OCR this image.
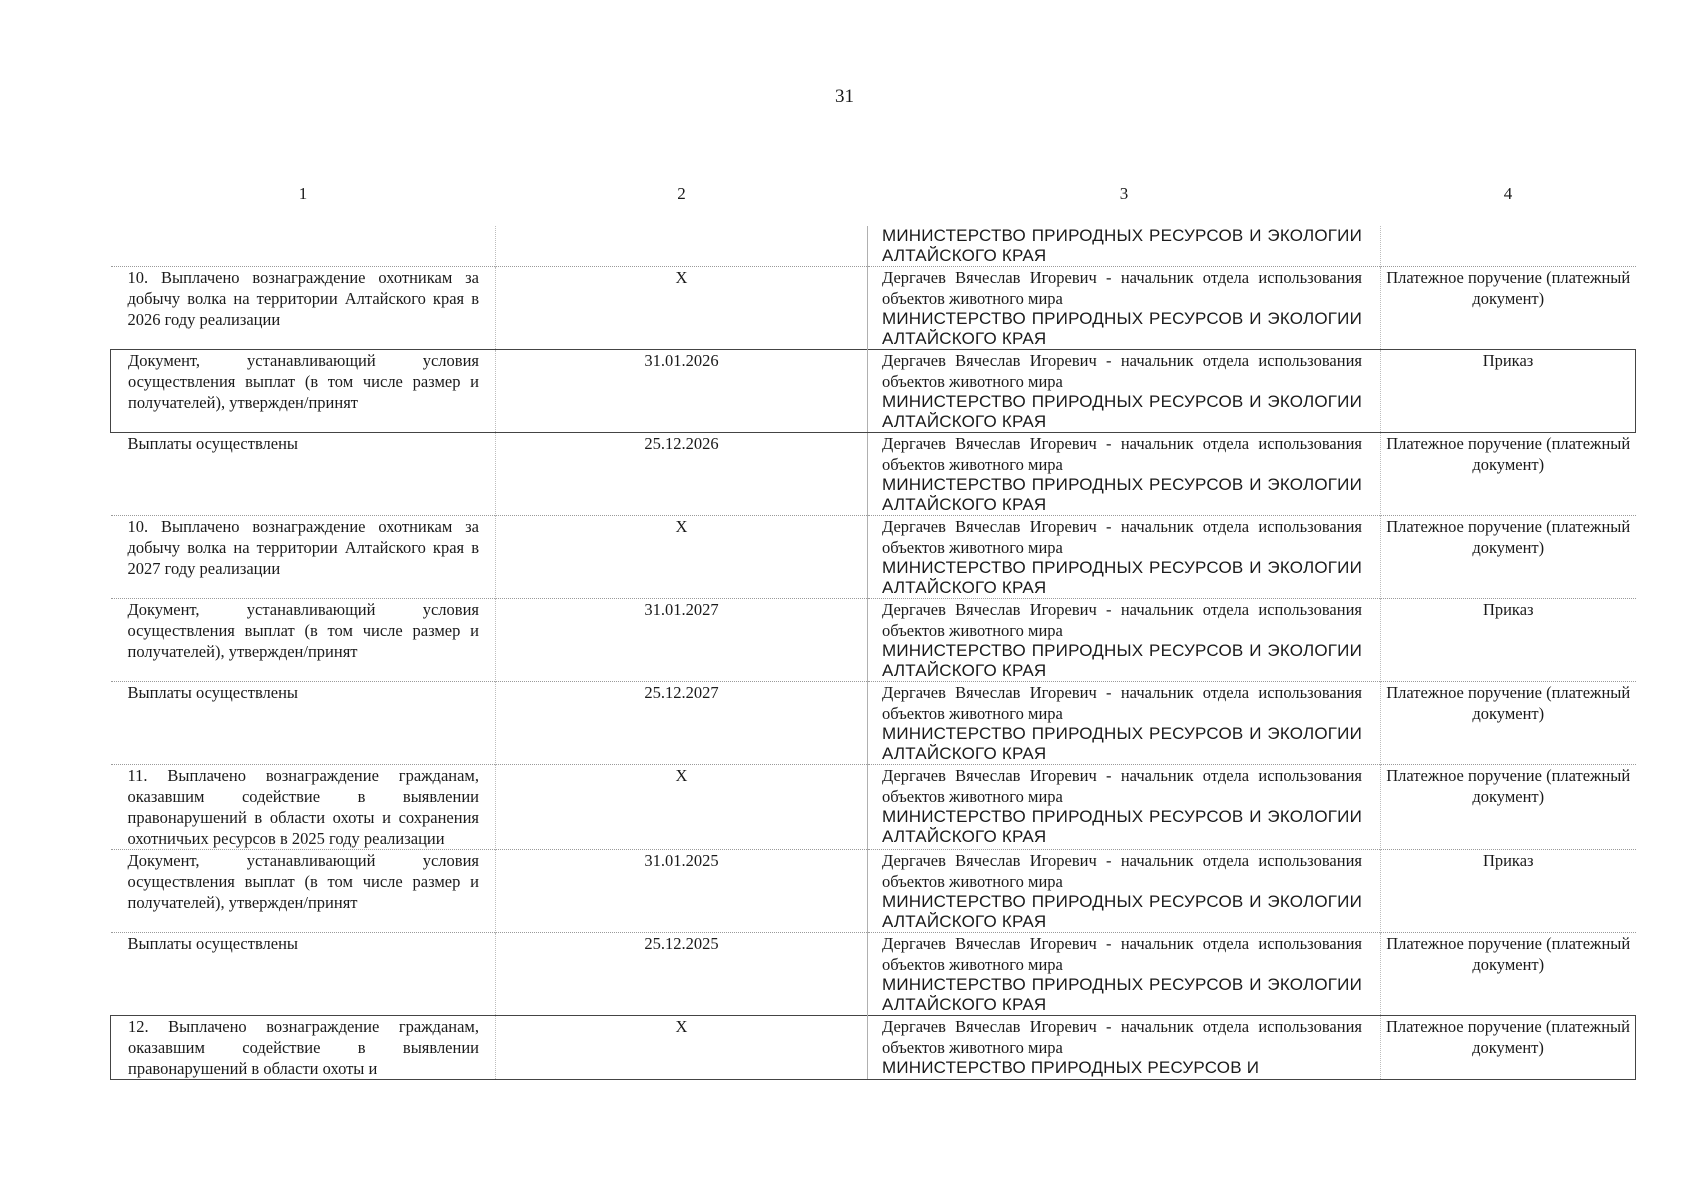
31
1	2	3	4

		МИНИСТЕРСТВО ПРИРОДНЫХ РЕСУРСОВ И ЭКОЛОГИИ АЛТАЙСКОГО КРАЯ	

10. Выплачено вознаграждение охотникам за добычу волка на территории Алтайского края в 2026 году реализации	X	Дергачев Вячеслав Игоревич - начальник отдела использования объектов животного мира
МИНИСТЕРСТВО ПРИРОДНЫХ РЕСУРСОВ И ЭКОЛОГИИ АЛТАЙСКОГО КРАЯ	Платежное поручение (платежный документ)
Документ, устанавливающий условия осуществления выплат (в том числе размер и получателей), утвержден/принят	31.01.2026	Дергачев Вячеслав Игоревич - начальник отдела использования объектов животного мира
МИНИСТЕРСТВО ПРИРОДНЫХ РЕСУРСОВ И ЭКОЛОГИИ АЛТАЙСКОГО КРАЯ	Приказ
Выплаты осуществлены	25.12.2026	Дергачев Вячеслав Игоревич - начальник отдела использования объектов животного мира
МИНИСТЕРСТВО ПРИРОДНЫХ РЕСУРСОВ И ЭКОЛОГИИ АЛТАЙСКОГО КРАЯ	Платежное поручение (платежный документ)
10. Выплачено вознаграждение охотникам за добычу волка на территории Алтайского края в 2027 году реализации	X	Дергачев Вячеслав Игоревич - начальник отдела использования объектов животного мира
МИНИСТЕРСТВО ПРИРОДНЫХ РЕСУРСОВ И ЭКОЛОГИИ АЛТАЙСКОГО КРАЯ	Платежное поручение (платежный документ)
Документ, устанавливающий условия осуществления выплат (в том числе размер и получателей), утвержден/принят	31.01.2027	Дергачев Вячеслав Игоревич - начальник отдела использования объектов животного мира
МИНИСТЕРСТВО ПРИРОДНЫХ РЕСУРСОВ И ЭКОЛОГИИ АЛТАЙСКОГО КРАЯ	Приказ
Выплаты осуществлены	25.12.2027	Дергачев Вячеслав Игоревич - начальник отдела использования объектов животного мира
МИНИСТЕРСТВО ПРИРОДНЫХ РЕСУРСОВ И ЭКОЛОГИИ АЛТАЙСКОГО КРАЯ	Платежное поручение (платежный документ)
11. Выплачено вознаграждение гражданам, оказавшим содействие в выявлении правонарушений в области охоты и сохранения охотничьих ресурсов в 2025 году реализации	X	Дергачев Вячеслав Игоревич - начальник отдела использования объектов животного мира
МИНИСТЕРСТВО ПРИРОДНЫХ РЕСУРСОВ И ЭКОЛОГИИ АЛТАЙСКОГО КРАЯ	Платежное поручение (платежный документ)
Документ, устанавливающий условия осуществления выплат (в том числе размер и получателей), утвержден/принят	31.01.2025	Дергачев Вячеслав Игоревич - начальник отдела использования объектов животного мира
МИНИСТЕРСТВО ПРИРОДНЫХ РЕСУРСОВ И ЭКОЛОГИИ АЛТАЙСКОГО КРАЯ	Приказ
Выплаты осуществлены	25.12.2025	Дергачев Вячеслав Игоревич - начальник отдела использования объектов животного мира
МИНИСТЕРСТВО ПРИРОДНЫХ РЕСУРСОВ И ЭКОЛОГИИ АЛТАЙСКОГО КРАЯ	Платежное поручение (платежный документ)
12. Выплачено вознаграждение гражданам, оказавшим содействие в выявлении правонарушений в области охоты и	X	Дергачев Вячеслав Игоревич - начальник отдела использования объектов животного мира
МИНИСТЕРСТВО ПРИРОДНЫХ РЕСУРСОВ И	Платежное поручение (платежный документ)
